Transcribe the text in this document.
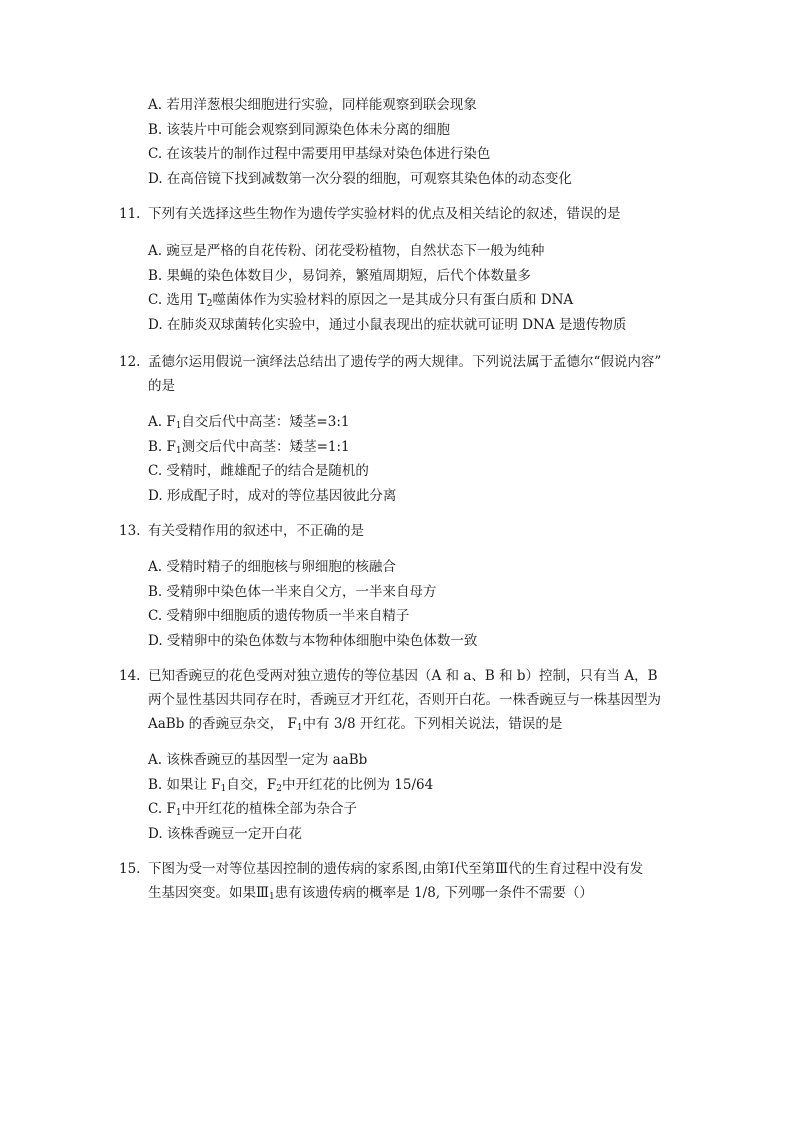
A. 若用洋葱根尖细胞进行实验，同样能观察到联会现象
B. 该装片中可能会观察到同源染色体未分离的细胞
C. 在该装片的制作过程中需要用甲基绿对染色体进行染色
D. 在高倍镜下找到减数第一次分裂的细胞，可观察其染色体的动态变化
11. 下列有关选择这些生物作为遗传学实验材料的优点及相关结论的叙述，错误的是
A. 豌豆是严格的自花传粉、闭花受粉植物，自然状态下一般为纯种
B. 果蝇的染色体数目少，易饲养，繁殖周期短，后代个体数量多
C. 选用 $T_2$噬菌体作为实验材料的原因之一是其成分只有蛋白质和 DNA
D. 在肺炎双球菌转化实验中，通过小鼠表现出的症状就可证明 DNA 是遗传物质
12. 孟德尔运用假说一演绎法总结出了遗传学的两大规律。下列说法属于孟德尔“假说内容”
的是
A. $F_1$自交后代中高茎：矮茎=3:1
B. $F_1$测交后代中高茎：矮茎=1:1
C. 受精时，雌雄配子的结合是随机的
D. 形成配子时，成对的等位基因彼此分离
13. 有关受精作用的叙述中，不正确的是
A. 受精时精子的细胞核与卵细胞的核融合
B. 受精卵中染色体一半来自父方，一半来自母方
C. 受精卵中细胞质的遗传物质一半来自精子
D. 受精卵中的染色体数与本物种体细胞中染色体数一致
14. 已知香豌豆的花色受两对独立遗传的等位基因（A 和 a、B 和 b）控制，只有当 A，B
两个显性基因共同存在时，香豌豆才开红花，否则开白花。一株香豌豆与一株基因型为
AaBb 的香豌豆杂交， $F_1$中有 3/8 开红花。下列相关说法，错误的是
A. 该株香豌豆的基因型一定为 aaBb
B. 如果让 $F_1$自交，$F_2$中开红花的比例为 15/64
C. $F_1$中开红花的植株全部为杂合子
D. 该株香豌豆一定开白花
15. 下图为受一对等位基因控制的遗传病的家系图,由第Ⅰ代至第Ⅲ代的生育过程中没有发
生基因突变。如果$Ⅲ_1$患有该遗传病的概率是 1/8, 下列哪一条件不需要（）
